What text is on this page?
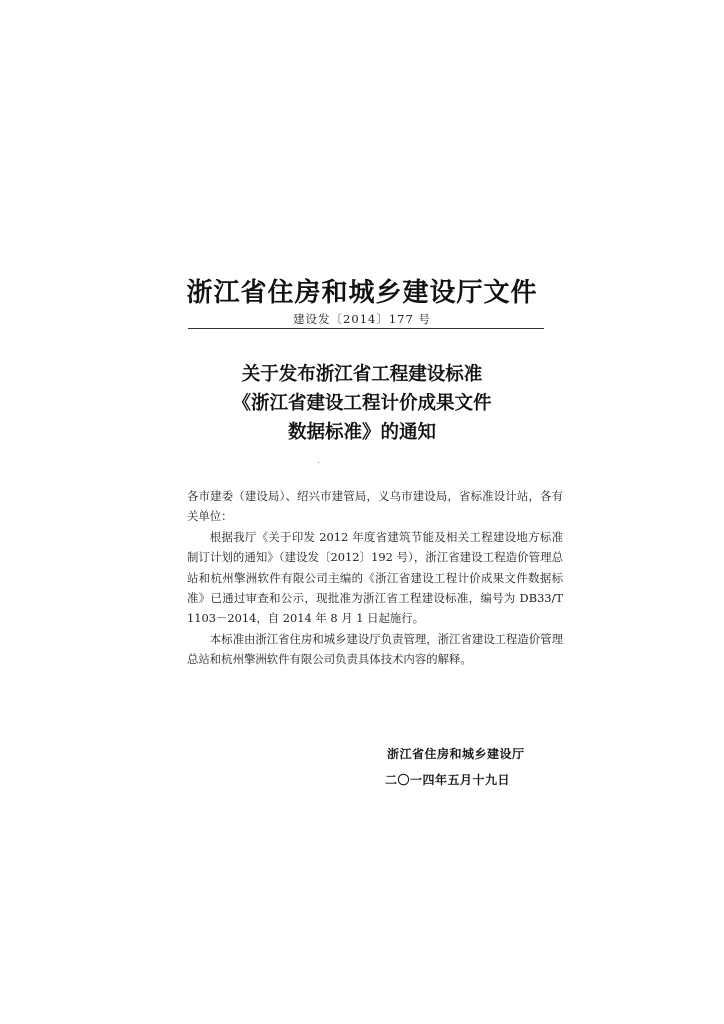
浙江省住房和城乡建设厅文件
建设发〔2014〕177 号
关于发布浙江省工程建设标准
《浙江省建设工程计价成果文件
数据标准》的通知

各市建委（建设局）、绍兴市建管局，义乌市建设局，省标准设计站，各有关单位：

根据我厅《关于印发 2012 年度省建筑节能及相关工程建设地方标准制订计划的通知》（建设发〔2012〕192 号），浙江省建设工程造价管理总站和杭州擎洲软件有限公司主编的《浙江省建设工程计价成果文件数据标准》已通过审查和公示，现批准为浙江省工程建设标准，编号为 DB33/T 1103－2014，自 2014 年 8 月 1 日起施行。

本标准由浙江省住房和城乡建设厅负责管理，浙江省建设工程造价管理总站和杭州擎洲软件有限公司负责具体技术内容的解释。

浙江省住房和城乡建设厅
二〇一四年五月十九日
